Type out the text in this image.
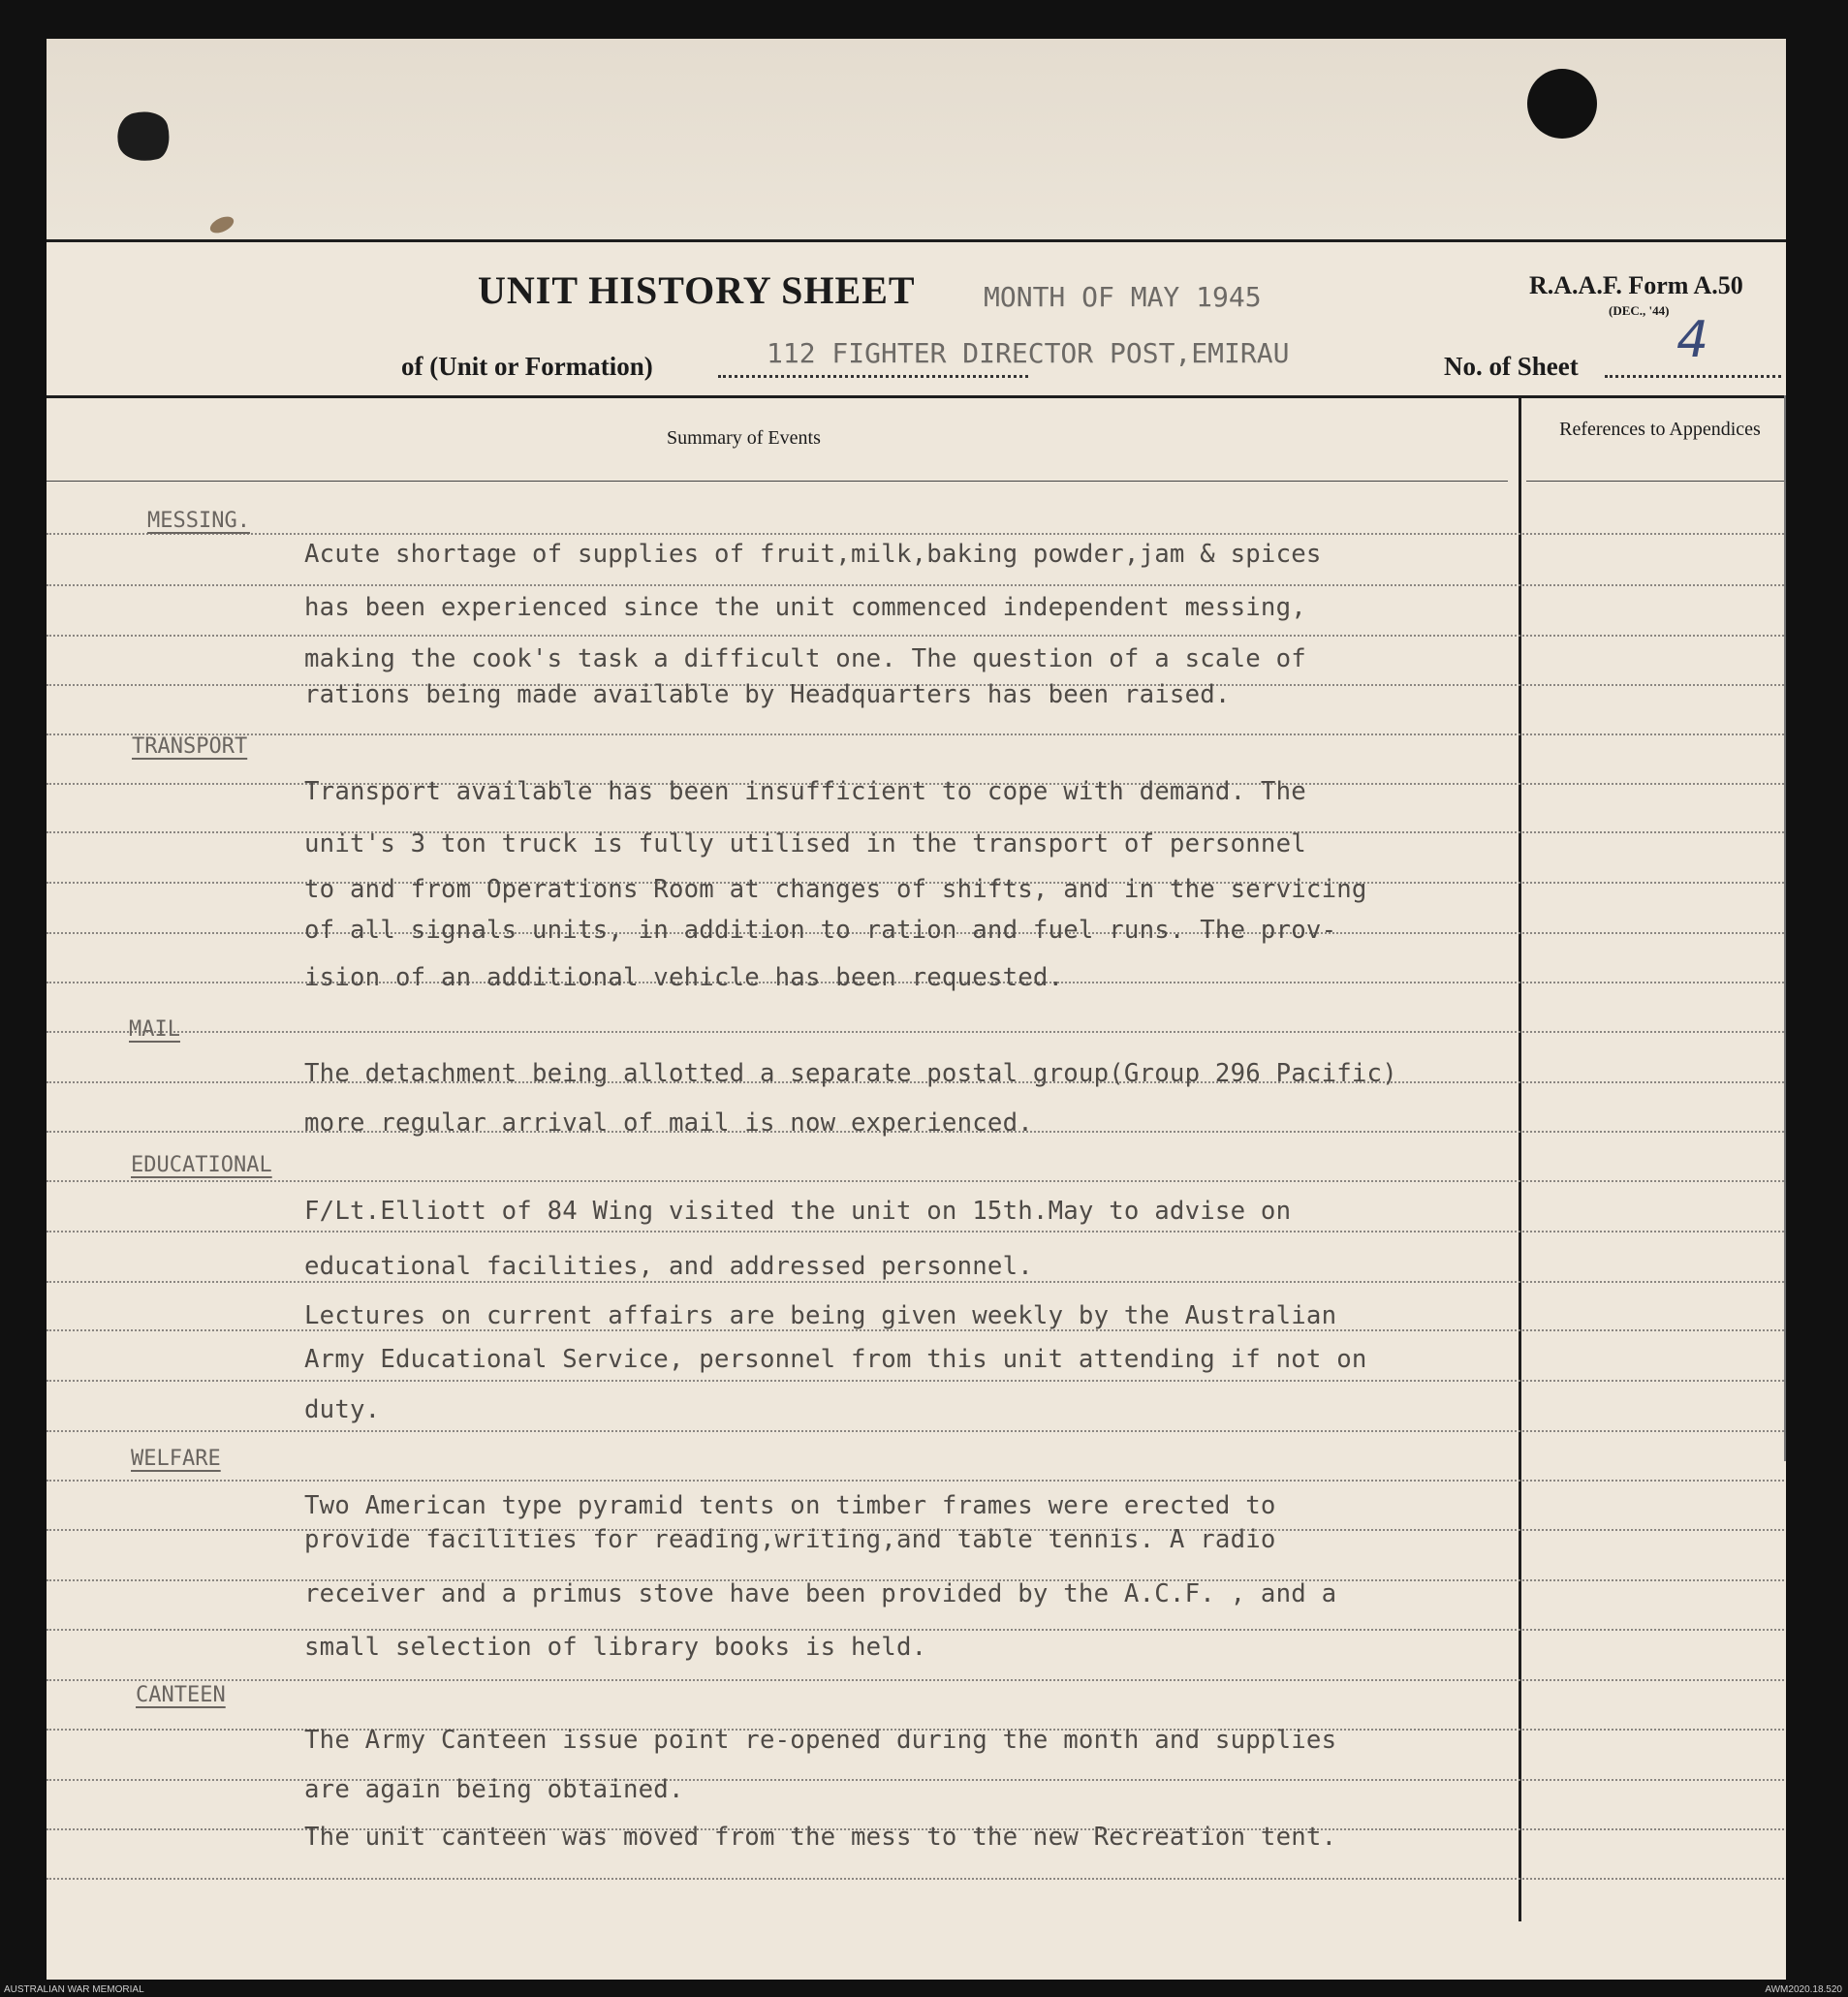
UNIT HISTORY SHEET	MONTH OF MAY 1945	R.A.A.F. Form A.50
(DEC., '44)
of (Unit or Formation)	112 FIGHTER DIRECTOR POST,EMIRAU	No. of Sheet 4
Summary of Events	References to Appendices
MESSING.
Acute shortage of supplies of fruit,milk,baking powder,jam & spices
has been experienced since the unit commenced independent messing,
making the cook's task a difficult one. The question of a scale of
rations being made available by Headquarters has been raised.
TRANSPORT
Transport available has been insufficient to cope with demand. The
unit's 3 ton truck is fully utilised in the transport of personnel
to and from Operations Room at changes of shifts, and in the servicing
of all signals units, in addition to ration and fuel runs. The prov-
ision of an additional vehicle has been requested.
MAIL
The detachment being allotted a separate postal group(Group 296 Pacific)
more regular arrival of mail is now experienced.
EDUCATIONAL
F/Lt.Elliott of 84 Wing visited the unit on 15th.May to advise on
educational facilities, and addressed personnel.
Lectures on current affairs are being given weekly by the Australian
Army Educational Service, personnel from this unit attending if not on
duty.
WELFARE
Two American type pyramid tents on timber frames were erected to
provide facilities for reading,writing,and table tennis. A radio
receiver and a primus stove have been provided by the A.C.F. , and a
small selection of library books is held.
CANTEEN
The Army Canteen issue point re-opened during the month and supplies
are again being obtained.
The unit canteen was moved from the mess to the new Recreation tent.
AUSTRALIAN WAR MEMORIAL	AWM2020.18.520
